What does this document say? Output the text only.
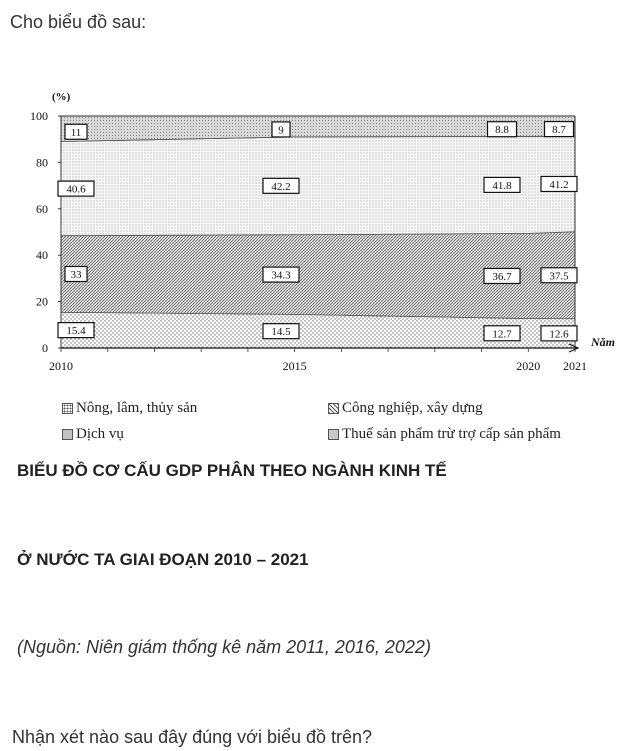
Cho biểu đồ sau:
0
20
40
60
80
100
(%)
2010	2015	2020 2021
Năm
15.4	14.5	12.7	12.6
33	34.3	36.7	37.5
40.6	42.2	41.8	41.2
11	9	8.8	8.7
Nông, lâm, thủy sản	Công nghiệp, xây dựng
Dịch vụ	Thuế sản phẩm trừ trợ cấp sản phẩm
BIỂU ĐỒ CƠ CẤU GDP PHÂN THEO NGÀNH KINH TẾ
Ở NƯỚC TA GIAI ĐOẠN 2010 – 2021
(Nguồn: Niên giám thống kê năm 2011, 2016, 2022)
Nhận xét nào sau đây đúng với biểu đồ trên?
